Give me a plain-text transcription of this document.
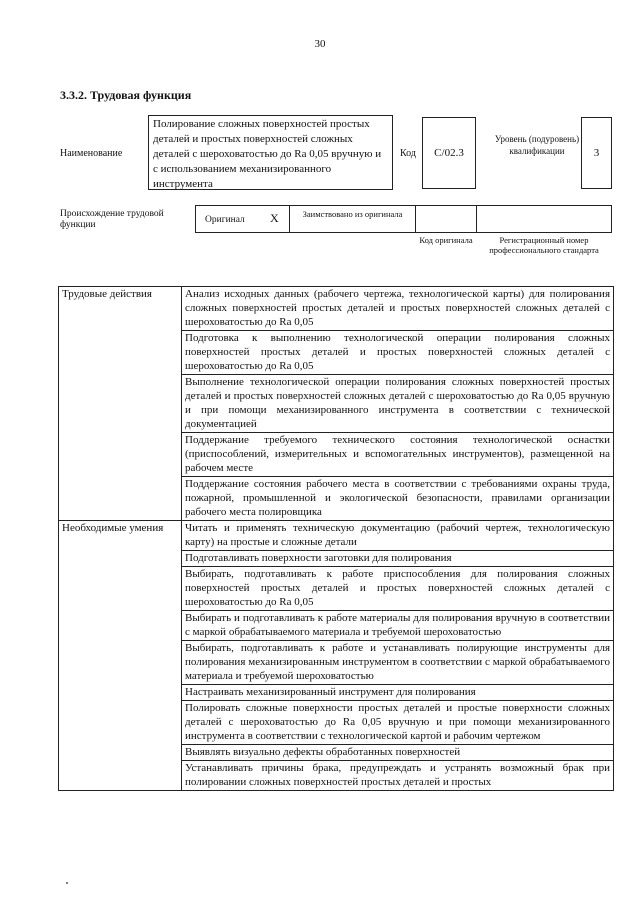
30
3.3.2. Трудовая функция
Наименование
Полирование сложных поверхностей простых деталей и простых поверхностей сложных деталей с шероховатостью до Ra 0,05 вручную и с использованием механизированного инструмента
Код C/02.3
Уровень (подуровень) квалификации	3
Происхождение трудовой функции	Оригинал X	Заимствовано из оригинала
Код оригинала	Регистрационный номер профессионального стандарта
Трудовые действия	Анализ исходных данных (рабочего чертежа, технологической карты) для полирования сложных поверхностей простых деталей и простых поверхностей сложных деталей с шероховатостью до Ra 0,05
	Подготовка к выполнению технологической операции полирования сложных поверхностей простых деталей и простых поверхностей сложных деталей с шероховатостью до Ra 0,05
	Выполнение технологической операции полирования сложных поверхностей простых деталей и простых поверхностей сложных деталей с шероховатостью до Ra 0,05 вручную и при помощи механизированного инструмента в соответствии с технической документацией
	Поддержание требуемого технического состояния технологической оснастки (приспособлений, измерительных и вспомогательных инструментов), размещенной на рабочем месте
	Поддержание состояния рабочего места в соответствии с требованиями охраны труда, пожарной, промышленной и экологической безопасности, правилами организации рабочего места полировщика
Необходимые умения	Читать и применять техническую документацию (рабочий чертеж, технологическую карту) на простые и сложные детали
	Подготавливать поверхности заготовки для полирования
	Выбирать, подготавливать к работе приспособления для полирования сложных поверхностей простых деталей и простых поверхностей сложных деталей с шероховатостью до Ra 0,05
	Выбирать и подготавливать к работе материалы для полирования вручную в соответствии с маркой обрабатываемого материала и требуемой шероховатостью
	Выбирать, подготавливать к работе и устанавливать полирующие инструменты для полирования механизированным инструментом в соответствии с маркой обрабатываемого материала и требуемой шероховатостью
	Настраивать механизированный инструмент для полирования
	Полировать сложные поверхности простых деталей и простые поверхности сложных деталей с шероховатостью до Ra 0,05 вручную и при помощи механизированного инструмента в соответствии с технологической картой и рабочим чертежом
	Выявлять визуально дефекты обработанных поверхностей
	Устанавливать причины брака, предупреждать и устранять возможный брак при полировании сложных поверхностей простых деталей и простых
